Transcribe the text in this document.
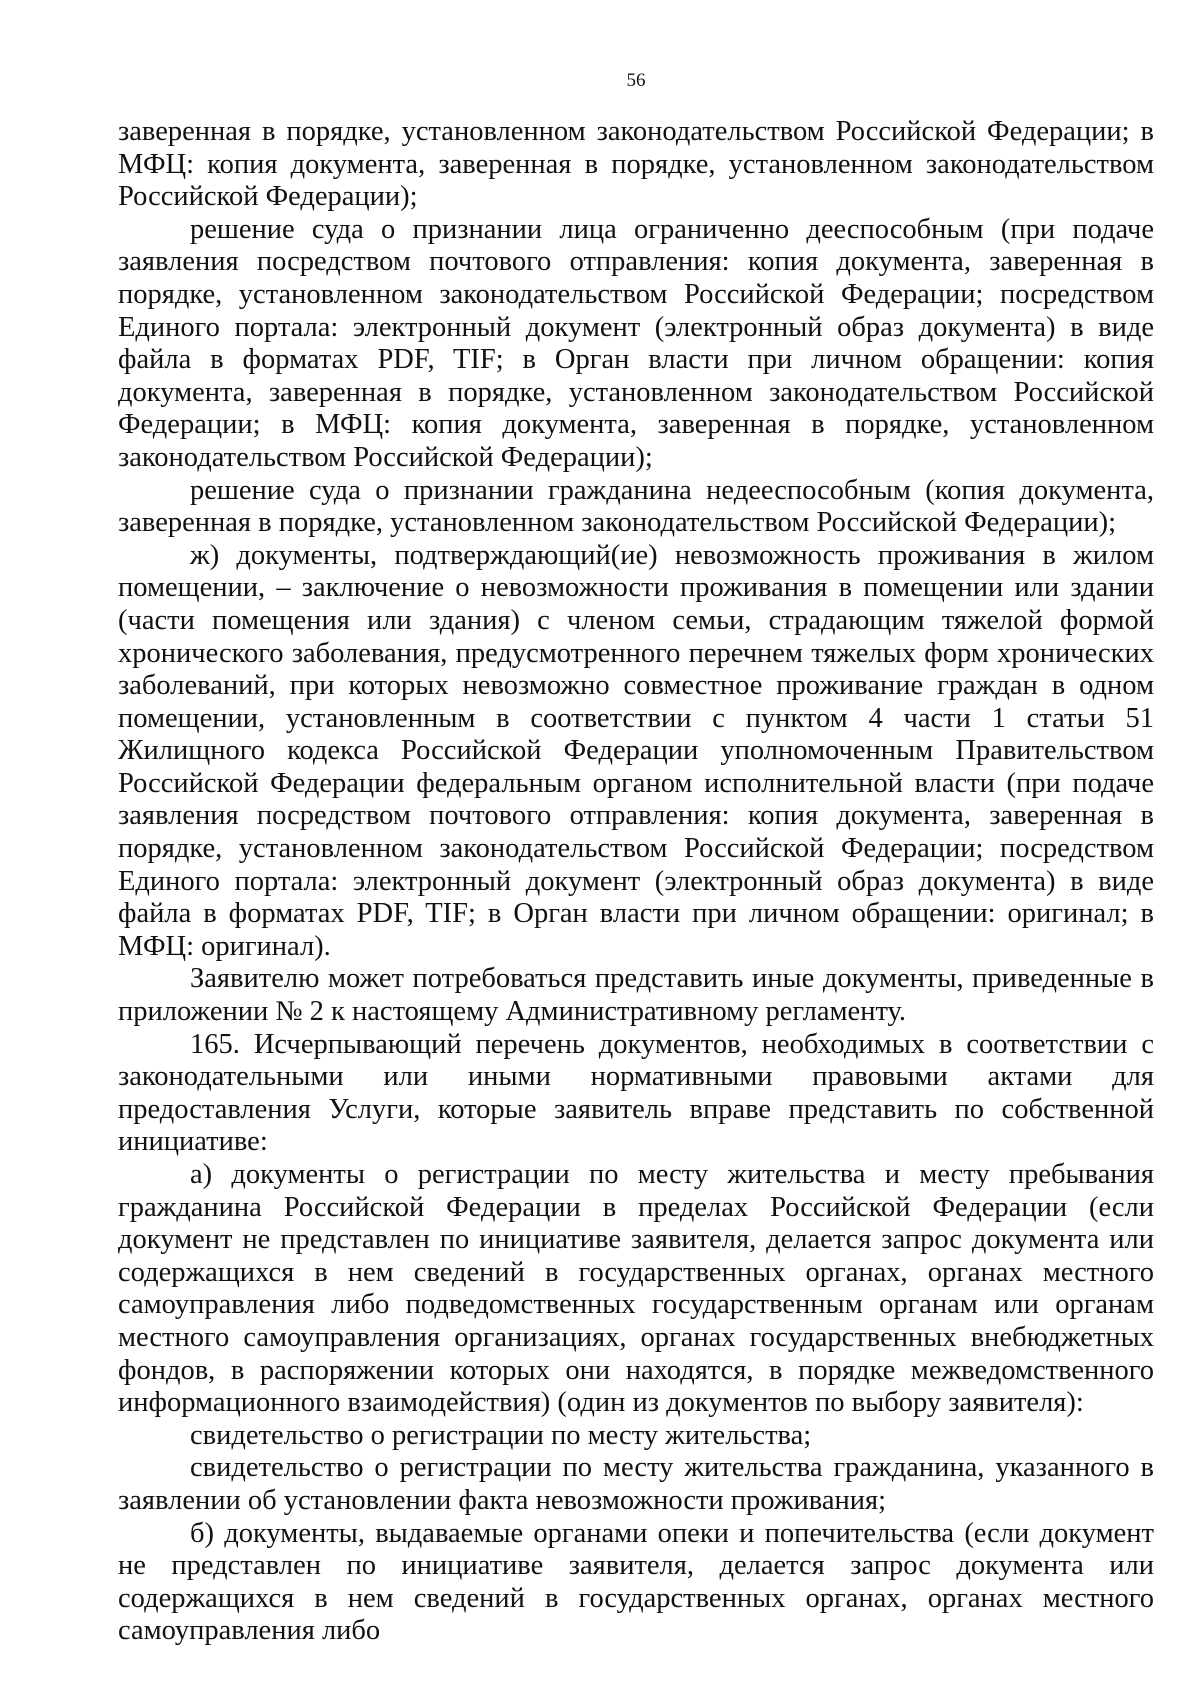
56

заверенная в порядке, установленном законодательством Российской Федерации; в МФЦ: копия документа, заверенная в порядке, установленном законодательством Российской Федерации);

решение суда о признании лица ограниченно дееспособным (при подаче заявления посредством почтового отправления: копия документа, заверенная в порядке, установленном законодательством Российской Федерации; посредством Единого портала: электронный документ (электронный образ документа) в виде файла в форматах PDF, TIF; в Орган власти при личном обращении: копия документа, заверенная в порядке, установленном законодательством Российской Федерации; в МФЦ: копия документа, заверенная в порядке, установленном законодательством Российской Федерации);

решение суда о признании гражданина недееспособным (копия документа, заверенная в порядке, установленном законодательством Российской Федерации);

ж) документы, подтверждающий(ие) невозможность проживания в жилом помещении, – заключение о невозможности проживания в помещении или здании (части помещения или здания) с членом семьи, страдающим тяжелой формой хронического заболевания, предусмотренного перечнем тяжелых форм хронических заболеваний, при которых невозможно совместное проживание граждан в одном помещении, установленным в соответствии с пунктом 4 части 1 статьи 51 Жилищного кодекса Российской Федерации уполномоченным Правительством Российской Федерации федеральным органом исполнительной власти (при подаче заявления посредством почтового отправления: копия документа, заверенная в порядке, установленном законодательством Российской Федерации; посредством Единого портала: электронный документ (электронный образ документа) в виде файла в форматах PDF, TIF; в Орган власти при личном обращении: оригинал; в МФЦ: оригинал).

Заявителю может потребоваться представить иные документы, приведенные в приложении № 2 к настоящему Административному регламенту.

165. Исчерпывающий перечень документов, необходимых в соответствии с законодательными или иными нормативными правовыми актами для предоставления Услуги, которые заявитель вправе представить по собственной инициативе:

а) документы о регистрации по месту жительства и месту пребывания гражданина Российской Федерации в пределах Российской Федерации (если документ не представлен по инициативе заявителя, делается запрос документа или содержащихся в нем сведений в государственных органах, органах местного самоуправления либо подведомственных государственным органам или органам местного самоуправления организациях, органах государственных внебюджетных фондов, в распоряжении которых они находятся, в порядке межведомственного информационного взаимодействия) (один из документов по выбору заявителя):

свидетельство о регистрации по месту жительства;

свидетельство о регистрации по месту жительства гражданина, указанного в заявлении об установлении факта невозможности проживания;

б) документы, выдаваемые органами опеки и попечительства (если документ не представлен по инициативе заявителя, делается запрос документа или содержащихся в нем сведений в государственных органах, органах местного самоуправления либо
